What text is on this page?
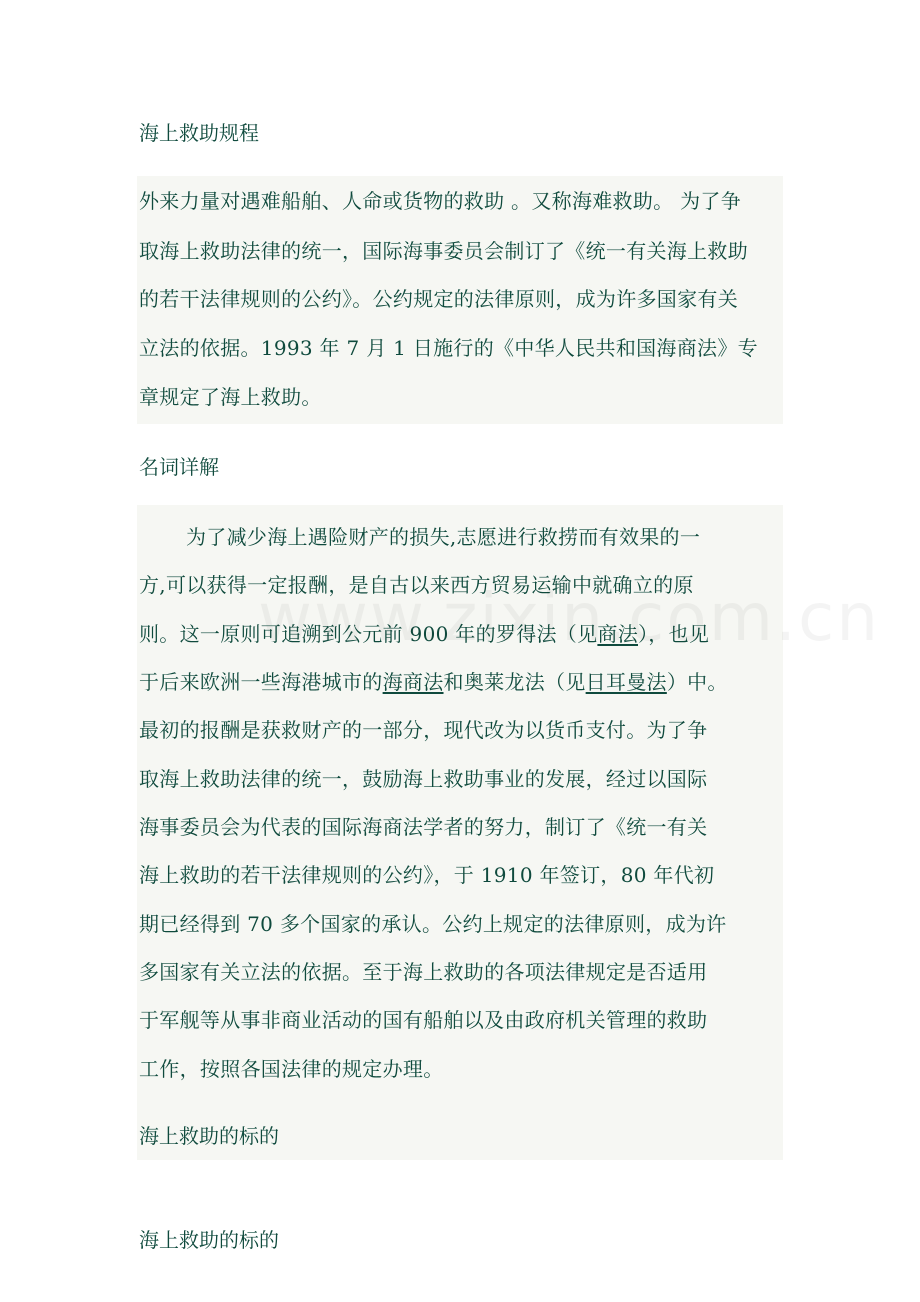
海上救助规程
外来力量对遇难船舶、人命或货物的救助 。又称海难救助。 为了争
取海上救助法律的统一，国际海事委员会制订了《统一有关海上救助
的若干法律规则的公约》。公约规定的法律原则，成为许多国家有关
立法的依据。1993 年 7 月 1 日施行的《中华人民共和国海商法》专
章规定了海上救助。
名词详解
为了减少海上遇险财产的损失,志愿进行救捞而有效果的一
方,可以获得一定报酬，是自古以来西方贸易运输中就确立的原
则。这一原则可追溯到公元前 900 年的罗得法（见商法），也见
于后来欧洲一些海港城市的海商法和奥莱龙法（见日耳曼法）中。
最初的报酬是获救财产的一部分，现代改为以货币支付。为了争
取海上救助法律的统一，鼓励海上救助事业的发展，经过以国际
海事委员会为代表的国际海商法学者的努力，制订了《统一有关
海上救助的若干法律规则的公约》，于 1910 年签订，80 年代初
期已经得到 70 多个国家的承认。公约上规定的法律原则，成为许
多国家有关立法的依据。至于海上救助的各项法律规定是否适用
于军舰等从事非商业活动的国有船舶以及由政府机关管理的救助
工作，按照各国法律的规定办理。
海上救助的标的
海上救助的标的
